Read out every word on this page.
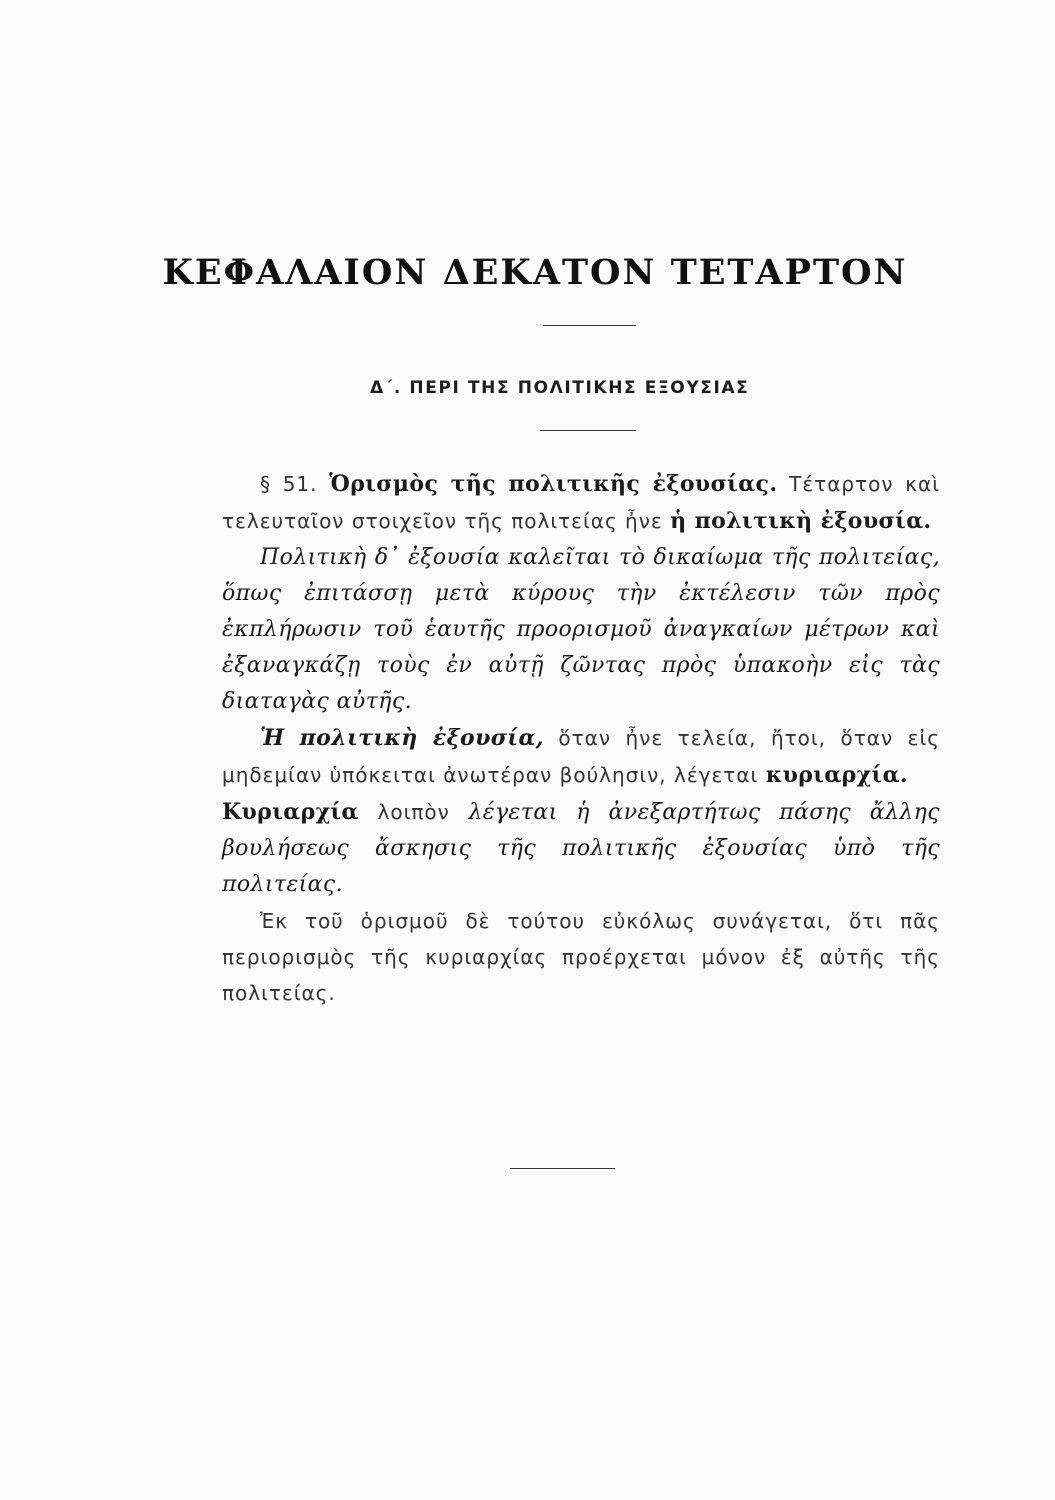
ΚΕΦΑΛΑΙΟΝ ΔΕΚΑΤΟΝ ΤΕΤΑΡΤΟΝ
Δ΄. ΠΕΡΙ ΤΗΣ ΠΟΛΙΤΙΚΗΣ ΕΞΟΥΣΙΑΣ

§ 51. Ὁρισμὸς τῆς πολιτικῆς ἐξουσίας. Τέταρτον καὶ τελευταῖον στοιχεῖον τῆς πολιτείας ἦνε ἡ πολιτικὴ ἐξουσία.

Πολιτικὴ δ᾿ ἐξουσία καλεῖται τὸ δικαίωμα τῆς πολιτείας, ὅπως ἐπιτάσσῃ μετὰ κύρους τὴν ἐκτέλεσιν τῶν πρὸς ἐκπλήρωσιν τοῦ ἑαυτῆς προορισμοῦ ἀναγκαίων μέτρων καὶ ἐξαναγκάζῃ τοὺς ἐν αὐτῇ ζῶντας πρὸς ὑπακοὴν εἰς τὰς διαταγὰς αὐτῆς.

Ἡ πολιτικὴ ἐξουσία, ὅταν ἦνε τελεία, ἤτοι, ὅταν εἰς μηδεμίαν ὑπόκειται ἀνωτέραν βούλησιν, λέγεται κυριαρχία.

Κυριαρχία λοιπὸν λέγεται ἡ ἀνεξαρτήτως πάσης ἄλλης βουλήσεως ἄσκησις τῆς πολιτικῆς ἐξουσίας ὑπὸ τῆς πολιτείας.

Ἐκ τοῦ ὁρισμοῦ δὲ τούτου εὐκόλως συνάγεται, ὅτι πᾶς περιορισμὸς τῆς κυριαρχίας προέρχεται μόνον ἐξ αὐτῆς τῆς πολιτείας.
